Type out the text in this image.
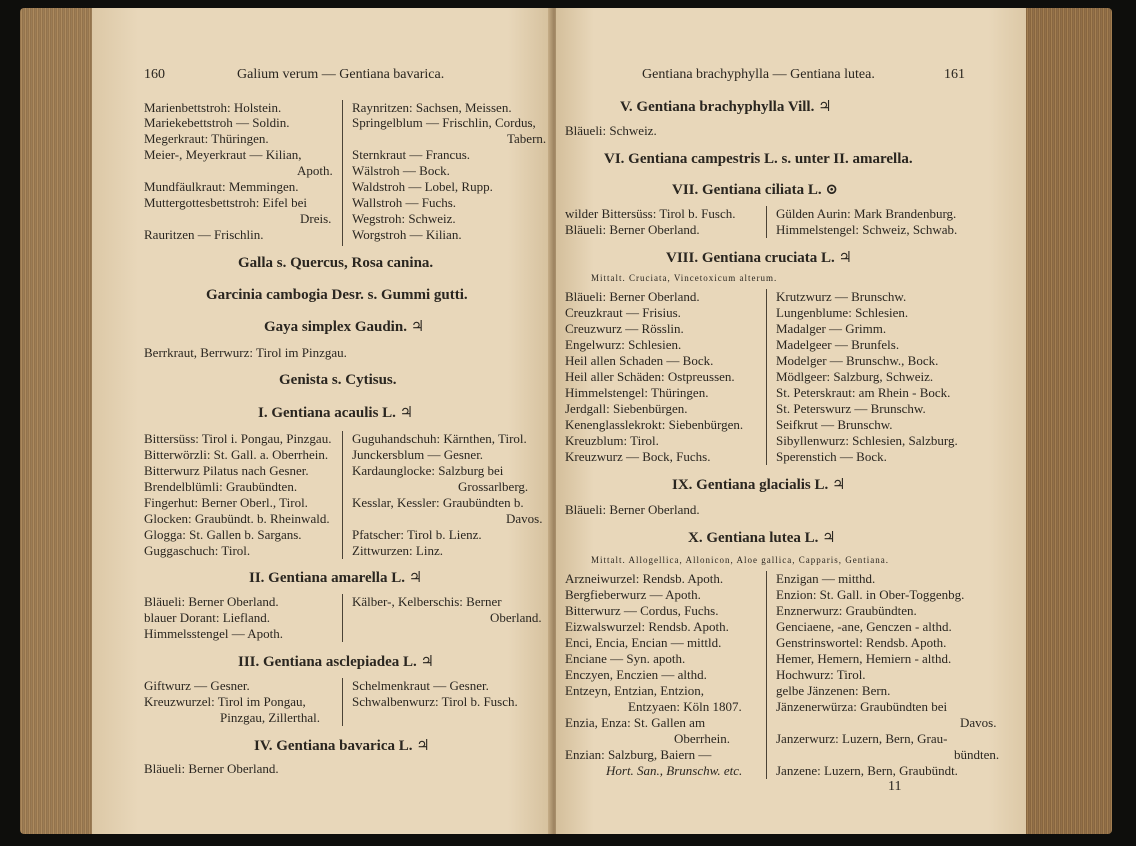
160	Galium verum — Gentiana bavarica.
Marienbettstroh: Holstein.
Mariekebettstroh — Soldin.
Megerkraut: Thüringen.
Meier-, Meyerkraut — Kilian,
Apoth.
Mundfäulkraut: Memmingen.
Muttergottesbettstroh: Eifel bei
Dreis.
Rauritzen — Frischlin.
Raynritzen: Sachsen, Meissen.
Springelblum — Frischlin, Cordus,
Tabern.
Sternkraut — Francus.
Wälstroh — Bock.
Waldstroh — Lobel, Rupp.
Wallstroh — Fuchs.
Wegstroh: Schweiz.
Worgstroh — Kilian.
Galla s. Quercus, Rosa canina.
Garcinia cambogia Desr. s. Gummi gutti.
Gaya simplex Gaudin. ♃
Berrkraut, Berrwurz: Tirol im Pinzgau.
Genista s. Cytisus.
I. Gentiana acaulis L. ♃
Bittersüss: Tirol i. Pongau, Pinzgau.
Bitterwörzli: St. Gall. a. Oberrhein.
Bitterwurz Pilatus nach Gesner.
Brendelblümli: Graubündten.
Fingerhut: Berner Oberl., Tirol.
Glocken: Graubündt. b. Rheinwald.
Glogga: St. Gallen b. Sargans.
Guggaschuch: Tirol.
Guguhandschuh: Kärnthen, Tirol.
Junckersblum — Gesner.
Kardaunglocke: Salzburg bei
Grossarlberg.
Kesslar, Kessler: Graubündten b.
Davos.
Pfatscher: Tirol b. Lienz.
Zittwurzen: Linz.
II. Gentiana amarella L. ♃
Bläueli: Berner Oberland.
blauer Dorant: Liefland.
Himmelsstengel — Apoth.
Kälber-, Kelberschis: Berner
Oberland.
III. Gentiana asclepiadea L. ♃
Giftwurz — Gesner.
Kreuzwurzel: Tirol im Pongau,
Pinzgau, Zillerthal.
Schelmenkraut — Gesner.
Schwalbenwurz: Tirol b. Fusch.
IV. Gentiana bavarica L. ♃
Bläueli: Berner Oberland.
Gentiana brachyphylla — Gentiana lutea.	161
V. Gentiana brachyphylla Vill. ♃
Bläueli: Schweiz.
VI. Gentiana campestris L. s. unter II. amarella.
VII. Gentiana ciliata L. ⊙
wilder Bittersüss: Tirol b. Fusch.
Bläueli: Berner Oberland.
Gülden Aurin: Mark Brandenburg.
Himmelstengel: Schweiz, Schwab.
VIII. Gentiana cruciata L. ♃
Mittalt. Cruciata, Vincetoxicum alterum.
Bläueli: Berner Oberland.
Creuzkraut — Frisius.
Creuzwurz — Rösslin.
Engelwurz: Schlesien.
Heil allen Schaden — Bock.
Heil aller Schäden: Ostpreussen.
Himmelstengel: Thüringen.
Jerdgall: Siebenbürgen.
Kenenglasslekrokt: Siebenbürgen.
Kreuzblum: Tirol.
Kreuzwurz — Bock, Fuchs.
Krutzwurz — Brunschw.
Lungenblume: Schlesien.
Madalger — Grimm.
Madelgeer — Brunfels.
Modelger — Brunschw., Bock.
Mödlgeer: Salzburg, Schweiz.
St. Peterskraut: am Rhein - Bock.
St. Peterswurz — Brunschw.
Seifkrut — Brunschw.
Sibyllenwurz: Schlesien, Salzburg.
Sperenstich — Bock.
IX. Gentiana glacialis L. ♃
Bläueli: Berner Oberland.
X. Gentiana lutea L. ♃
Mittalt. Allogellica, Allonicon, Aloe gallica, Capparis, Gentiana.
Arzneiwurzel: Rendsb. Apoth.
Bergfieberwurz — Apoth.
Bitterwurz — Cordus, Fuchs.
Eizwalswurzel: Rendsb. Apoth.
Enci, Encia, Encian — mittld.
Enciane — Syn. apoth.
Enczyen, Enczien — althd.
Entzeyn, Entzian, Entzion,
Entzyaen: Köln 1807.
Enzia, Enza: St. Gallen am
Oberrhein.
Enzian: Salzburg, Baiern —
Hort. San., Brunschw. etc.
Enzigan — mitthd.
Enzion: St. Gall. in Ober-Toggenbg.
Enznerwurz: Graubündten.
Genciaene, -ane, Genczen - althd.
Genstrinswortel: Rendsb. Apoth.
Hemer, Hemern, Hemiern - althd.
Hochwurz: Tirol.
gelbe Jänzenen: Bern.
Jänzenerwürza: Graubündten bei
Davos.
Janzerwurz: Luzern, Bern, Grau-
bündten.
Janzene: Luzern, Bern, Graubündt.
11
